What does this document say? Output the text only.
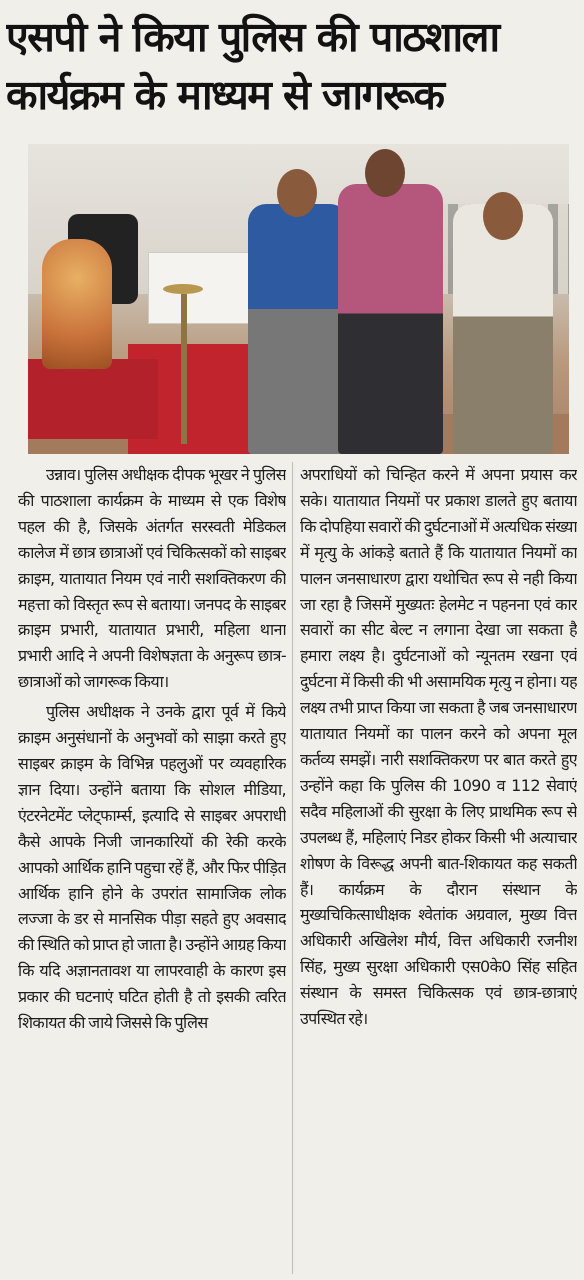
एसपी ने किया पुलिस की पाठशाला
कार्यक्रम के माध्यम से जागरूक

उन्नाव। पुलिस अधीक्षक दीपक भूखर ने पुलिस की पाठशाला कार्यक्रम के माध्यम से एक विशेष पहल की है, जिसके अंतर्गत सरस्वती मेडिकल कालेज में छात्र छात्राओं एवं चिकित्सकों को साइबर क्राइम, यातायात नियम एवं नारी सशक्तिकरण की महत्ता को विस्तृत रूप से बताया। जनपद के साइबर क्राइम प्रभारी, यातायात प्रभारी, महिला थाना प्रभारी आदि ने अपनी विशेषज्ञता के अनुरूप छात्र-छात्राओं को जागरूक किया।

पुलिस अधीक्षक ने उनके द्वारा पूर्व में किये क्राइम अनुसंधानों के अनुभवों को साझा करते हुए साइबर क्राइम के विभिन्न पहलुओं पर व्यवहारिक ज्ञान दिया। उन्होंने बताया कि सोशल मीडिया, एंटरनेटमेंट प्लेट्फार्म्स, इत्यादि से साइबर अपराधी कैसे आपके निजी जानकारियों की रेकी करके आपको आर्थिक हानि पहुचा रहें हैं, और फिर पीड़ित आर्थिक हानि होने के उपरांत सामाजिक लोक लज्जा के डर से मानसिक पीड़ा सहते हुए अवसाद की स्थिति को प्राप्त हो जाता है। उन्होंने आग्रह किया कि यदि अज्ञानतावश या लापरवाही के कारण इस प्रकार की घटनाएं घटित होती है तो इसकी त्वरित शिकायत की जाये जिससे कि पुलिस

अपराधियों को चिन्हित करने में अपना प्रयास कर सके। यातायात नियमों पर प्रकाश डालते हुए बताया कि दोपहिया सवारों की दुर्घटनाओं में अत्यधिक संख्या में मृत्यु के आंकड़े बताते हैं कि यातायात नियमों का पालन जनसाधारण द्वारा यथोचित रूप से नही किया जा रहा है जिसमें मुख्यतः हेलमेट न पहनना एवं कार सवारों का सीट बेल्ट न लगाना देखा जा सकता है हमारा लक्ष्य है। दुर्घटनाओं को न्यूनतम रखना एवं दुर्घटना में किसी की भी असामयिक मृत्यु न होना। यह लक्ष्य तभी प्राप्त किया जा सकता है जब जनसाधारण यातायात नियमों का पालन करने को अपना मूल कर्तव्य समझें। नारी सशक्तिकरण पर बात करते हुए उन्होंने कहा कि पुलिस की 1090 व 112 सेवाएं सदैव महिलाओं की सुरक्षा के लिए प्राथमिक रूप से उपलब्ध हैं, महिलाएं निडर होकर किसी भी अत्याचार शोषण के विरूद्ध अपनी बात-शिकायत कह सकती हैं। कार्यक्रम के दौरान संस्थान के मुख्यचिकित्साधीक्षक श्वेतांक अग्रवाल, मुख्य वित्त अधिकारी अखिलेश मौर्य, वित्त अधिकारी रजनीश सिंह, मुख्य सुरक्षा अधिकारी एस0के0 सिंह सहित संस्थान के समस्त चिकित्सक एवं छात्र-छात्राएं उपस्थित रहे।
